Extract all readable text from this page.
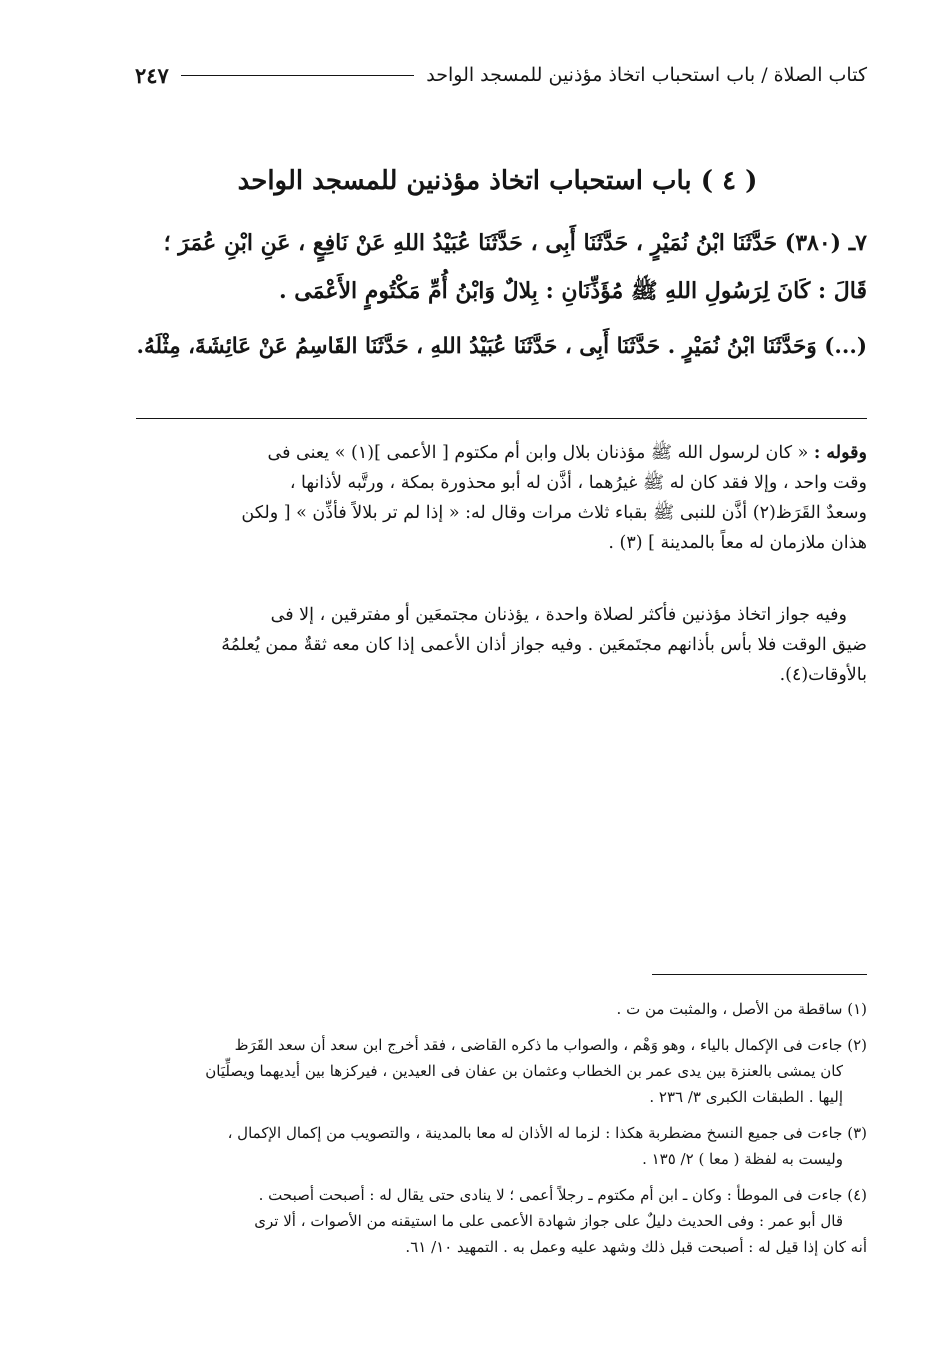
كتاب الصلاة / باب استحباب اتخاذ مؤذنين للمسجد الواحد
٢٤٧
( ٤ ) باب استحباب اتخاذ مؤذنين للمسجد الواحد
٧ـ (٣٨٠) حَدَّثَنَا ابْنُ نُمَيْرٍ ، حَدَّثَنَا أَبِى ، حَدَّثَنَا عُبَيْدُ اللهِ عَنْ نَافِعٍ ، عَنِ ابْنِ عُمَرَ ؛
قَالَ : كَانَ لِرَسُولِ اللهِ ﷺ مُؤَذِّنَانِ : بِلالٌ وَابْنُ أُمِّ مَكْتُومٍ الأَعْمَى .
(...) وَحَدَّثَنَا ابْنُ نُمَيْرٍ . حَدَّثَنَا أَبِى ، حَدَّثَنَا عُبَيْدُ اللهِ ، حَدَّثَنَا القَاسِمُ عَنْ عَائِشَةَ، مِثْلَهُ.

وقوله : « كان لرسول الله ﷺ مؤذنان بلال وابن أم مكتوم [ الأعمى ](١) » يعنى فى

وقت واحد ، وإلا فقد كان له ﷺ غيرُهما ، أذَّن له أبو محذورة بمكة ، ورتَّبه لأذانها ،

وسعدٌ القَرَظ(٢) أذَّن للنبى ﷺ بقباء ثلاث مرات وقال له: « إذا لم تر بلالاً فأذِّن » [ ولكن

هذان ملازمان له معاً بالمدينة ] (٣) .

وفيه جواز اتخاذ مؤذنين فأكثر لصلاة واحدة ، يؤذنان مجتمعَين أو مفترقين ، إلا فى

ضيق الوقت فلا بأس بأذانهم مجتَمعَين . وفيه جواز أذان الأعمى إذا كان معه ثقةٌ ممن يُعلمُهُ

بالأوقات(٤).

(١) ساقطة من الأصل ، والمثبت من ت .
(٢) جاءت فى الإكمال بالياء ، وهو وَهْم ، والصواب ما ذكره القاضى ، فقد أخرج ابن سعد أن سعد القَرَظ
كان يمشى بالعنزة بين يدى عمر بن الخطاب وعثمان بن عفان فى العيدين ، فيركزها بين أيديهما ويصلِّيَان
إليها . الطبقات الكبرى ٣/ ٢٣٦ .
(٣) جاءت فى جميع النسخ مضطربة هكذا : لزما له الأذان له معا بالمدينة ، والتصويب من إكمال الإكمال ،
وليست به لفظة ( معا ) ٢/ ١٣٥ .
(٤) جاءت فى الموطأ : وكان ـ ابن أم مكتوم ـ رجلاً أعمى ؛ لا ينادى حتى يقال له : أصبحت أصبحت .
قال أبو عمر : وفى الحديث دليلٌ على جواز شهادة الأعمى على ما استيقنه من الأصوات ، ألا ترى
أنه كان إذا قيل له : أصبحت قبل ذلك وشهد عليه وعمل به . التمهيد ١٠/ ٦١.
